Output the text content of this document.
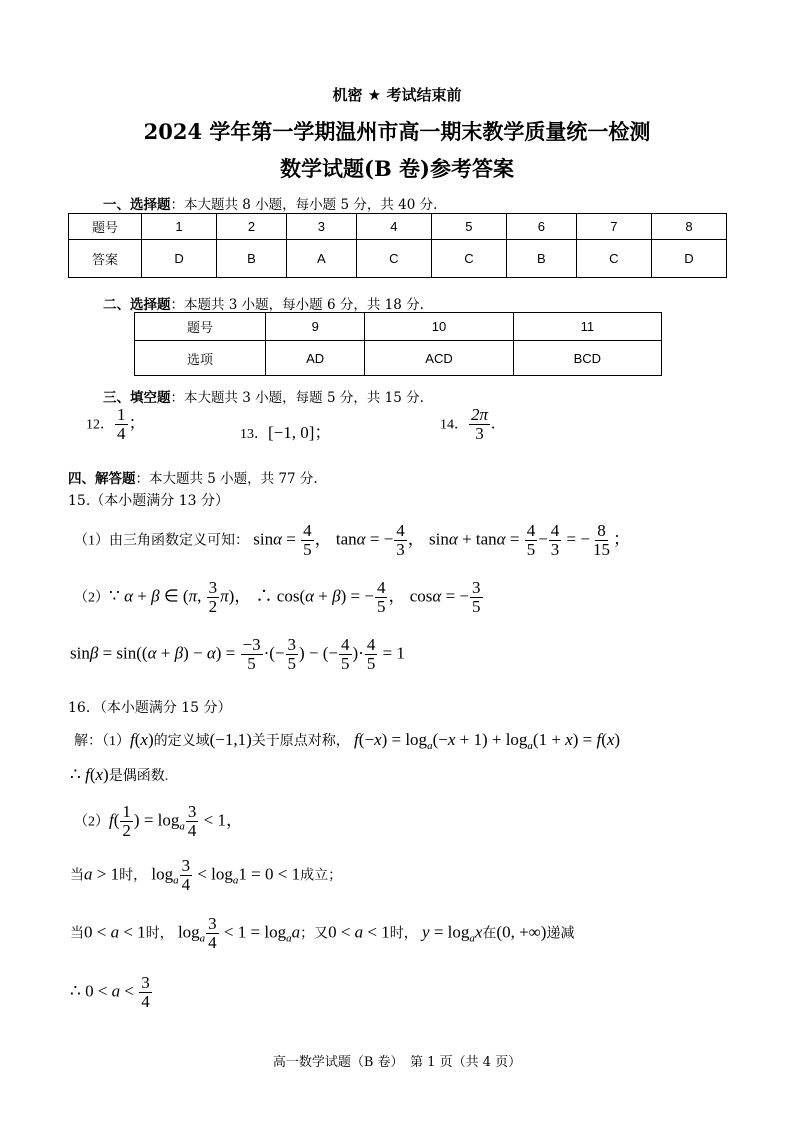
机密 ★ 考试结束前
2024 学年第一学期温州市高一期末教学质量统一检测
数学试题(B 卷)参考答案
一、选择题：本大题共 8 小题，每小题 5 分，共 40 分.
题号	1	2	3	4	5	6	7	8
答案	D	B	A	C	C	B	C	D
二、选择题：本题共 3 小题，每小题 6 分，共 18 分.
题号	9	10	11
选项	AD	ACD	BCD
三、填空题：本大题共 3 小题，每题 5 分，共 15 分.
12． $\frac{1}{4}$ ；
13．[−1, 0]；	14． $\frac{2\pi}{3}$ .
四、解答题：本大题共 5 小题，共 77 分.
15.（本小题满分 13 分）
（1）由三角函数定义可知： $\sin\alpha = \frac{4}{5}$ ， tanα = − $\frac{4}{3}$ ， $\sin\alpha + \tan\alpha = \frac{4}{5} - \frac{4}{3}$ = − $\frac{8}{15}$ ；
（2）∵ α + β ∈ (π, $\frac{3}{2} \pi$)， ∴ cos(α + β) = − $\frac{4}{5}$ ， cosα = − $\frac{3}{5}$
$\sin\beta = \sin((\alpha + \beta) - \alpha) = \frac{-3}{5}$ ·(− $\frac{3}{5}$ ) − (− $\frac{4}{5}$ )· $\frac{4}{5} = 1$
16．（本小题满分 15 分）
解：（1）f(x)的定义域(−1,1)关于原点对称， $f(-x) = \log_a(-x + 1) + \log_a(1 + x) = f(x)$
∴ f(x)是偶函数.
$(2)f( \frac{1}{2}$ ) = $\log_a \frac{3}{4} < 1$，
当a > 1时， $\log_a \frac{3}{4} < \log_a1 = 0 < 1$成立；
当0 < a < 1时， $\log_a \frac{3}{4} < 1 = \log_aa$；又0 < a < 1时， $y = \log_ax$在(0, +∞)递减
∴ $0 < a < \frac{3}{4}$
高一数学试题（B 卷）　第 1 页（共 4 页）
